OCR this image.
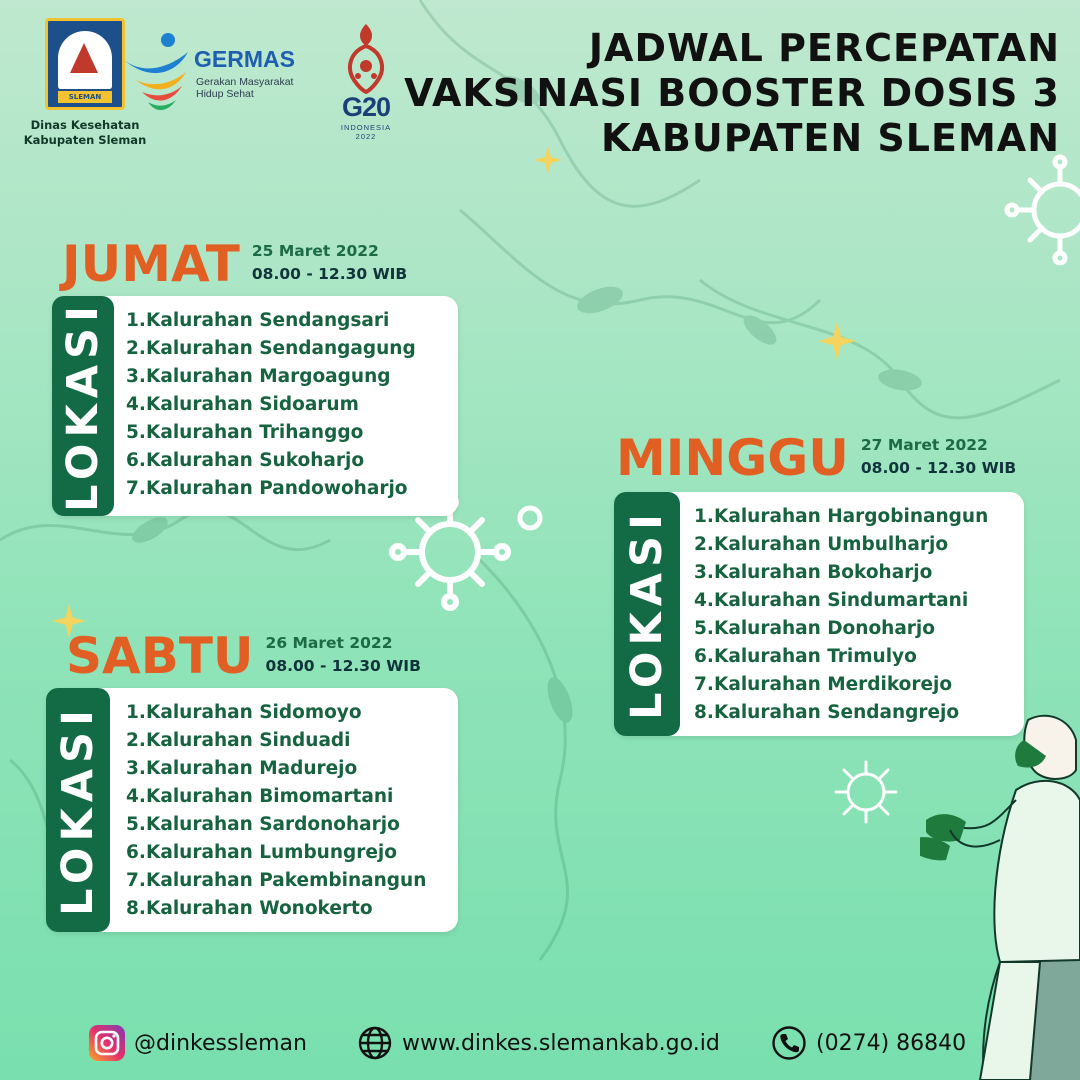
SLEMAN
Dinas Kesehatan
Kabupaten Sleman
GERMAS
Gerakan Masyarakat
Hidup Sehat	G20
INDONESIA
2022
JADWAL PERCEPATAN
VAKSINASI BOOSTER DOSIS 3
KABUPATEN SLEMAN
JUMAT 25 Maret 2022
08.00 - 12.30 WIB
LOKASI 1.Kalurahan Sendangsari
2.Kalurahan Sendangagung
3.Kalurahan Margoagung
4.Kalurahan Sidoarum
5.Kalurahan Trihanggo
6.Kalurahan Sukoharjo
7.Kalurahan Pandowoharjo
SABTU 26 Maret 2022
08.00 - 12.30 WIB
LOKASI 1.Kalurahan Sidomoyo
2.Kalurahan Sinduadi
3.Kalurahan Madurejo
4.Kalurahan Bimomartani
5.Kalurahan Sardonoharjo
6.Kalurahan Lumbungrejo
7.Kalurahan Pakembinangun
8.Kalurahan Wonokerto
MINGGU 27 Maret 2022
08.00 - 12.30 WIB
LOKASI 1.Kalurahan Hargobinangun
2.Kalurahan Umbulharjo
3.Kalurahan Bokoharjo
4.Kalurahan Sindumartani
5.Kalurahan Donoharjo
6.Kalurahan Trimulyo
7.Kalurahan Merdikorejo
8.Kalurahan Sendangrejo
@dinkessleman	www.dinkes.slemankab.go.id	(0274) 86840
